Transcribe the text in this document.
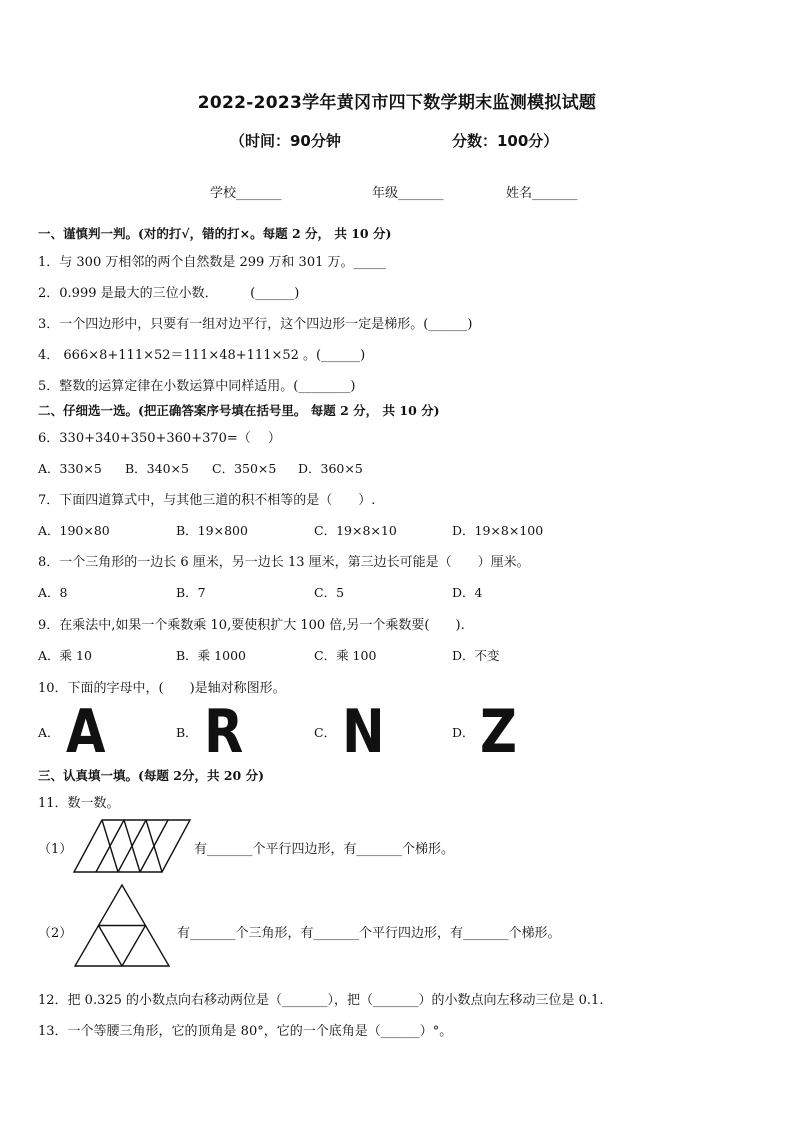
2022-2023学年黄冈市四下数学期末监测模拟试题
（时间：90分钟	分数：100分）
学校_______	年级_______	姓名_______
一、谨慎判一判。(对的打√，错的打×。每题 2 分， 共 10 分)
1．与 300 万相邻的两个自然数是 299 万和 301 万。_____
2．0.999 是最大的三位小数．　　　(______)
3．一个四边形中，只要有一组对边平行，这个四边形一定是梯形。(______)
4． 666×8+111×52＝111×48+111×52 。(______)
5．整数的运算定律在小数运算中同样适用。(________)
二、仔细选一选。(把正确答案序号填在括号里。 每题 2 分， 共 10 分)
6．330+340+350+360+370=（　 ）
A．330×5 B．340×5 C．350×5 D．360×5
7．下面四道算式中，与其他三道的积不相等的是（　　）.
A．190×80	B．19×800	C．19×8×10	D．19×8×100
8．一个三角形的一边长 6 厘米，另一边长 13 厘米，第三边长可能是（　　）厘米。
A．8	B．7	C．5	D．4
9．在乘法中,如果一个乘数乘 10,要使积扩大 100 倍,另一个乘数要(　　).
A．乘 10	B．乘 1000	C．乘 100	D．不变
10．下面的字母中，(　　)是轴对称图形。
A． A	B． R	C． N	D． Z
三、认真填一填。(每题 2分，共 20 分)
11．数一数。
（1）	有_______个平行四边形，有_______个梯形。
（2）	有_______个三角形，有_______个平行四边形，有_______个梯形。
12．把 0.325 的小数点向右移动两位是（_______），把（_______）的小数点向左移动三位是 0.1.
13．一个等腰三角形，它的顶角是 80°，它的一个底角是（______）°。
